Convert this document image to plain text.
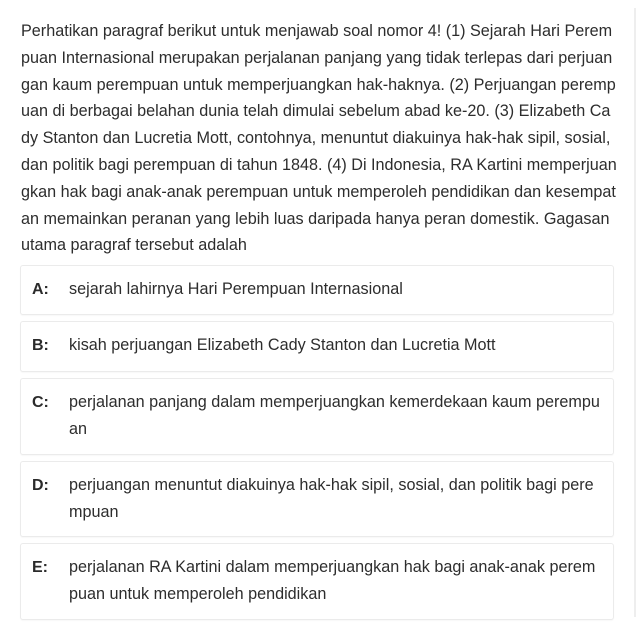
Perhatikan paragraf berikut untuk menjawab soal nomor 4! (1) Sejarah Hari Perempuan Internasional merupakan perjalanan panjang yang tidak terlepas dari perjuangan kaum perempuan untuk memperjuangkan hak-haknya. (2) Perjuangan perempuan di berbagai belahan dunia telah dimulai sebelum abad ke-20. (3) Elizabeth Cady Stanton dan Lucretia Mott, contohnya, menuntut diakuinya hak-hak sipil, sosial, dan politik bagi perempuan di tahun 1848. (4) Di Indonesia, RA Kartini memperjuangkan hak bagi anak-anak perempuan untuk memperoleh pendidikan dan kesempatan memainkan peranan yang lebih luas daripada hanya peran domestik. Gagasan utama paragraf tersebut adalah
A: sejarah lahirnya Hari Perempuan Internasional
B: kisah perjuangan Elizabeth Cady Stanton dan Lucretia Mott
C: perjalanan panjang dalam memperjuangkan kemerdekaan kaum perempuan
D: perjuangan menuntut diakuinya hak-hak sipil, sosial, dan politik bagi perempuan
E: perjalanan RA Kartini dalam memperjuangkan hak bagi anak-anak perempuan untuk memperoleh pendidikan
